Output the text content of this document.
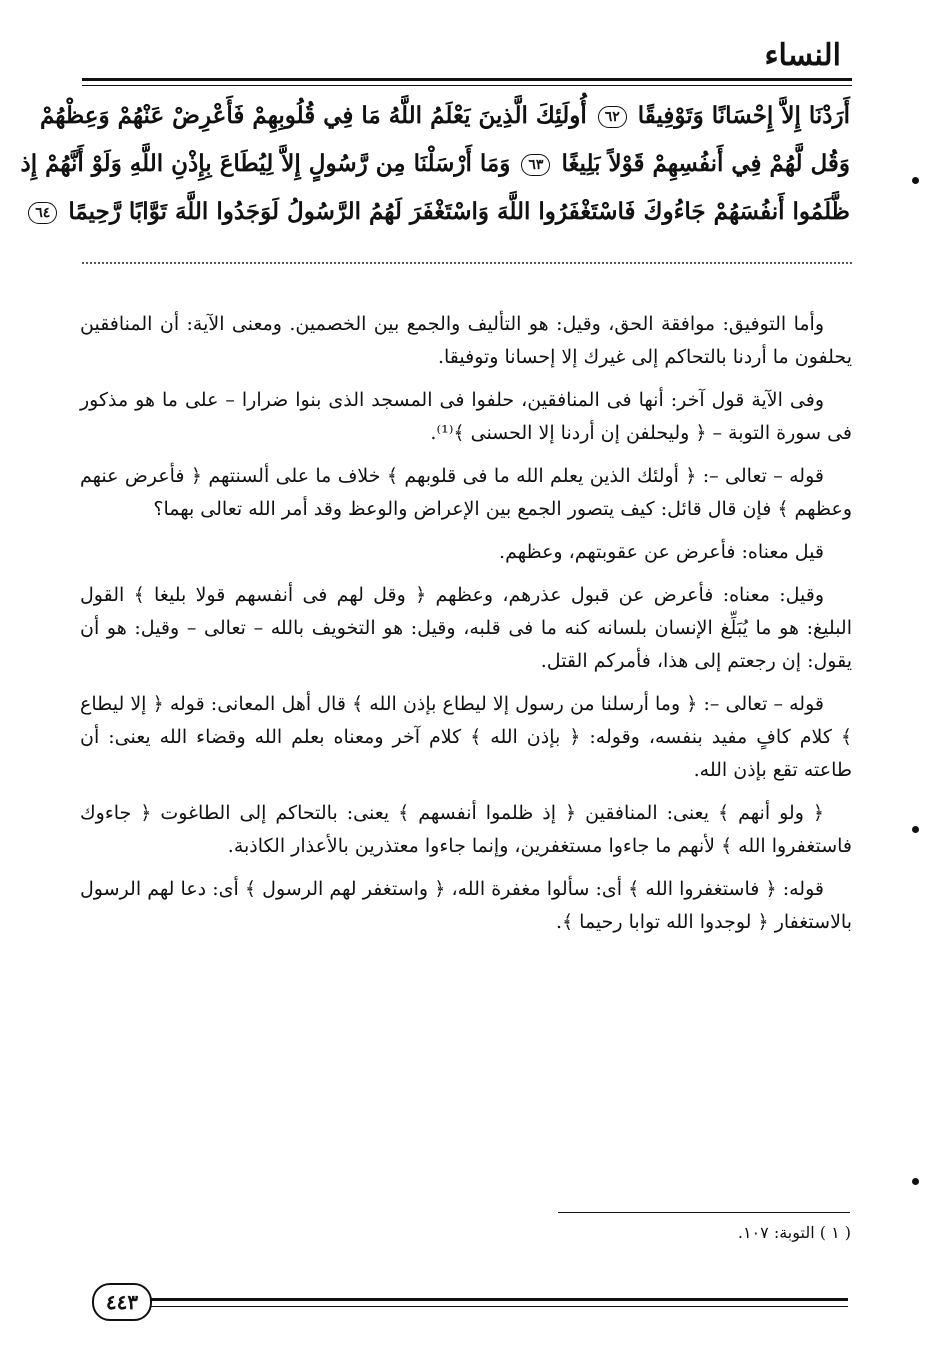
النساء
أَرَدْنَا إِلاَّ إِحْسَانًا وَتَوْفِيقًا ٦٢ أُولَئِكَ الَّذِينَ يَعْلَمُ اللَّهُ مَا فِي قُلُوبِهِمْ فَأَعْرِضْ عَنْهُمْ وَعِظْهُمْ
وَقُل لَّهُمْ فِي أَنفُسِهِمْ قَوْلاً بَلِيغًا ٦٣ وَمَا أَرْسَلْنَا مِن رَّسُولٍ إِلاَّ لِيُطَاعَ بِإِذْنِ اللَّهِ وَلَوْ أَنَّهُمْ إِذ
ظَّلَمُوا أَنفُسَهُمْ جَاءُوكَ فَاسْتَغْفَرُوا اللَّهَ وَاسْتَغْفَرَ لَهُمُ الرَّسُولُ لَوَجَدُوا اللَّهَ تَوَّابًا رَّحِيمًا ٦٤

وأما التوفيق: موافقة الحق، وقيل: هو التأليف والجمع بين الخصمين. ومعنى الآية: أن المنافقين يحلفون ما أردنا بالتحاكم إلى غيرك إلا إحسانا وتوفيقا.

وفى الآية قول آخر: أنها فى المنافقين، حلفوا فى المسجد الذى بنوا ضرارا – على ما هو مذكور فى سورة التوبة – ﴿ وليحلفن إن أردنا إلا الحسنى ﴾⁽¹⁾.

قوله – تعالى –: ﴿ أولئك الذين يعلم الله ما فى قلوبهم ﴾ خلاف ما على ألسنتهم ﴿ فأعرض عنهم وعظهم ﴾ فإن قال قائل: كيف يتصور الجمع بين الإعراض والوعظ وقد أمر الله تعالى بهما؟

قيل معناه: فأعرض عن عقوبتهم، وعظهم.

وقيل: معناه: فأعرض عن قبول عذرهم، وعظهم ﴿ وقل لهم فى أنفسهم قولا بليغا ﴾ القول البليغ: هو ما يُبَلِّغ الإنسان بلسانه كنه ما فى قلبه، وقيل: هو التخويف بالله – تعالى – وقيل: هو أن يقول: إن رجعتم إلى هذا، فأمركم القتل.

قوله – تعالى –: ﴿ وما أرسلنا من رسول إلا ليطاع بإذن الله ﴾ قال أهل المعانى: قوله ﴿ إلا ليطاع ﴾ كلام كافٍ مفيد بنفسه، وقوله: ﴿ بإذن الله ﴾ كلام آخر ومعناه بعلم الله وقضاء الله يعنى: أن طاعته تقع بإذن الله.

﴿ ولو أنهم ﴾ يعنى: المنافقين ﴿ إذ ظلموا أنفسهم ﴾ يعنى: بالتحاكم إلى الطاغوت ﴿ جاءوك فاستغفروا الله ﴾ لأنهم ما جاءوا مستغفرين، وإنما جاءوا معتذرين بالأعذار الكاذبة.

قوله: ﴿ فاستغفروا الله ﴾ أى: سألوا مغفرة الله، ﴿ واستغفر لهم الرسول ﴾ أى: دعا لهم الرسول بالاستغفار ﴿ لوجدوا الله توابا رحيما ﴾.

( ١ ) التوبة: ١٠٧.
٤٤٣
